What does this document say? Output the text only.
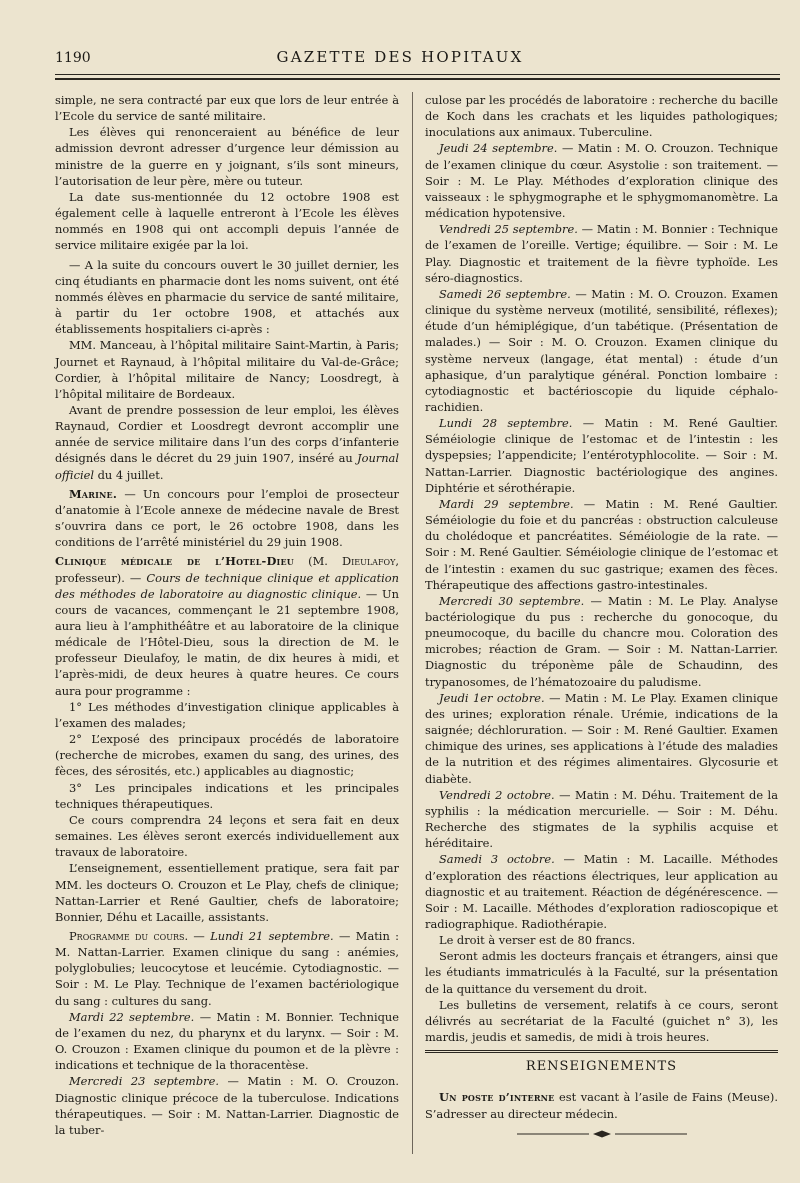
1190	GAZETTE DES HOPITAUX

simple, ne sera contracté par eux que lors de leur entrée à l’Ecole du service de santé militaire.

Les élèves qui renonceraient au bénéfice de leur admission devront adresser d’urgence leur démission au ministre de la guerre en y joignant, s’ils sont mineurs, l’autorisation de leur père, mère ou tuteur.

La date sus-mentionnée du 12 octobre 1908 est également celle à laquelle entreront à l’Ecole les élèves nommés en 1908 qui ont accompli depuis l’année de service militaire exigée par la loi.

— A la suite du concours ouvert le 30 juillet dernier, les cinq étudiants en pharmacie dont les noms suivent, ont été nommés élèves en pharmacie du service de santé militaire, à partir du 1er octobre 1908, et attachés aux établissements hospitaliers ci-après :

MM. Manceau, à l’hôpital militaire Saint-Martin, à Paris; Journet et Raynaud, à l’hôpital militaire du Val-de-Grâce; Cordier, à l’hôpital militaire de Nancy; Loosdregt, à l’hôpital militaire de Bordeaux.

Avant de prendre possession de leur emploi, les élèves Raynaud, Cordier et Loosdregt devront accomplir une année de service militaire dans l’un des corps d’infanterie désignés dans le décret du 29 juin 1907, inséré au Journal officiel du 4 juillet.

Marine. — Un concours pour l’emploi de prosecteur d’anatomie à l’Ecole annexe de médecine navale de Brest s’ouvrira dans ce port, le 26 octobre 1908, dans les conditions de l’arrêté ministériel du 29 juin 1908.

Clinique médicale de l’Hotel-Dieu (M. Dieulafoy, professeur). — Cours de technique clinique et application des méthodes de laboratoire au diagnostic clinique. — Un cours de vacances, commençant le 21 septembre 1908, aura lieu à l’amphithéâtre et au laboratoire de la clinique médicale de l’Hôtel-Dieu, sous la direction de M. le professeur Dieulafoy, le matin, de dix heures à midi, et l’après-midi, de deux heures à quatre heures. Ce cours aura pour programme :

1° Les méthodes d’investigation clinique applicables à l’examen des malades;

2° L’exposé des principaux procédés de laboratoire (recherche de microbes, examen du sang, des urines, des fèces, des sérosités, etc.) applicables au diagnostic;

3° Les principales indications et les principales techniques thérapeutiques.

Ce cours comprendra 24 leçons et sera fait en deux semaines. Les élèves seront exercés individuellement aux travaux de laboratoire.

L’enseignement, essentiellement pratique, sera fait par MM. les docteurs O. Crouzon et Le Play, chefs de clinique; Nattan-Larrier et René Gaultier, chefs de laboratoire; Bonnier, Déhu et Lacaille, assistants.

Programme du cours. — Lundi 21 septembre. — Matin : M. Nattan-Larrier. Examen clinique du sang : anémies, polyglobulies; leucocytose et leucémie. Cytodiagnostic. — Soir : M. Le Play. Technique de l’examen bactériologique du sang : cultures du sang.

Mardi 22 septembre. — Matin : M. Bonnier. Technique de l’examen du nez, du pharynx et du larynx. — Soir : M. O. Crouzon : Examen clinique du poumon et de la plèvre : indications et technique de la thoracentèse.

Mercredi 23 septembre. — Matin : M. O. Crouzon. Diagnostic clinique précoce de la tuberculose. Indications thérapeutiques. — Soir : M. Nattan-Larrier. Diagnostic de la tuber-

culose par les procédés de laboratoire : recherche du bacille de Koch dans les crachats et les liquides pathologiques; inoculations aux animaux. Tuberculine.

Jeudi 24 septembre. — Matin : M. O. Crouzon. Technique de l’examen clinique du cœur. Asystolie : son traitement. — Soir : M. Le Play. Méthodes d’exploration clinique des vaisseaux : le sphygmographe et le sphygmomanomètre. La médication hypotensive.

Vendredi 25 septembre. — Matin : M. Bonnier : Technique de l’examen de l’oreille. Vertige; équilibre. — Soir : M. Le Play. Diagnostic et traitement de la fièvre typhoïde. Les séro-diagnostics.

Samedi 26 septembre. — Matin : M. O. Crouzon. Examen clinique du système nerveux (motilité, sensibilité, réflexes); étude d’un hémiplégique, d’un tabétique. (Présentation de malades.) — Soir : M. O. Crouzon. Examen clinique du système nerveux (langage, état mental) : étude d’un aphasique, d’un paralytique général. Ponction lombaire : cytodiagnostic et bactérioscopie du liquide céphalo-rachidien.

Lundi 28 septembre. — Matin : M. René Gaultier. Séméiologie clinique de l’estomac et de l’intestin : les dyspepsies; l’appendicite; l’entérotyphlocolite. — Soir : M. Nattan-Larrier. Diagnostic bactériologique des angines. Diphtérie et sérothérapie.

Mardi 29 septembre. — Matin : M. René Gaultier. Séméiologie du foie et du pancréas : obstruction calculeuse du cholédoque et pancréatites. Séméiologie de la rate. — Soir : M. René Gaultier. Séméiologie clinique de l’estomac et de l’intestin : examen du suc gastrique; examen des fèces. Thérapeutique des affections gastro-intestinales.

Mercredi 30 septembre. — Matin : M. Le Play. Analyse bactériologique du pus : recherche du gonocoque, du pneumocoque, du bacille du chancre mou. Coloration des microbes; réaction de Gram. — Soir : M. Nattan-Larrier. Diagnostic du tréponème pâle de Schaudinn, des trypanosomes, de l’hématozoaire du paludisme.

Jeudi 1er octobre. — Matin : M. Le Play. Examen clinique des urines; exploration rénale. Urémie, indications de la saignée; déchloruration. — Soir : M. René Gaultier. Examen chimique des urines, ses applications à l’étude des maladies de la nutrition et des régimes alimentaires. Glycosurie et diabète.

Vendredi 2 octobre. — Matin : M. Déhu. Traitement de la syphilis : la médication mercurielle. — Soir : M. Déhu. Recherche des stigmates de la syphilis acquise et héréditaire.

Samedi 3 octobre. — Matin : M. Lacaille. Méthodes d’exploration des réactions électriques, leur application au diagnostic et au traitement. Réaction de dégénérescence. — Soir : M. Lacaille. Méthodes d’exploration radioscopique et radiographique. Radiothérapie.

Le droit à verser est de 80 francs.

Seront admis les docteurs français et étrangers, ainsi que les étudiants immatriculés à la Faculté, sur la présentation de la quittance du versement du droit.

Les bulletins de versement, relatifs à ce cours, seront délivrés au secrétariat de la Faculté (guichet n° 3), les mardis, jeudis et samedis, de midi à trois heures.

RENSEIGNEMENTS

Un poste d’interne est vacant à l’asile de Fains (Meuse). S’adresser au directeur médecin.
